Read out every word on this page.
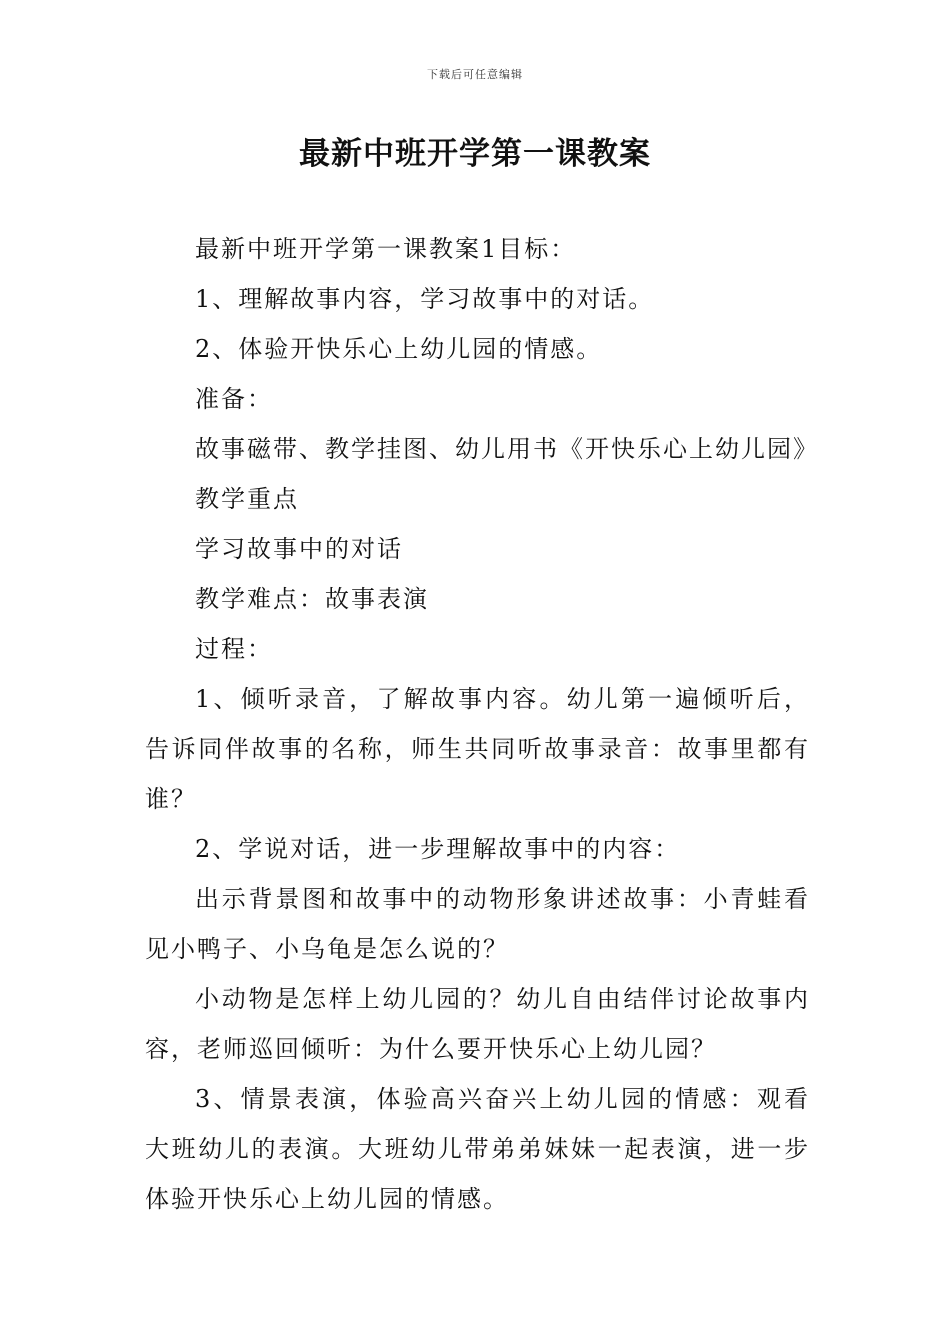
下载后可任意编辑
最新中班开学第一课教案

最新中班开学第一课教案1目标：

1、理解故事内容，学习故事中的对话。

2、体验开快乐心上幼儿园的情感。

准备：

故事磁带、教学挂图、幼儿用书《开快乐心上幼儿园》

教学重点

学习故事中的对话

教学难点：故事表演

过程：

1、倾听录音，了解故事内容。幼儿第一遍倾听后，告诉同伴故事的名称，师生共同听故事录音：故事里都有谁？

2、学说对话，进一步理解故事中的内容：

出示背景图和故事中的动物形象讲述故事：小青蛙看见小鸭子、小乌龟是怎么说的？

小动物是怎样上幼儿园的？幼儿自由结伴讨论故事内容，老师巡回倾听：为什么要开快乐心上幼儿园？

3、情景表演，体验高兴奋兴上幼儿园的情感：观看大班幼儿的表演。大班幼儿带弟弟妹妹一起表演，进一步体验开快乐心上幼儿园的情感。
